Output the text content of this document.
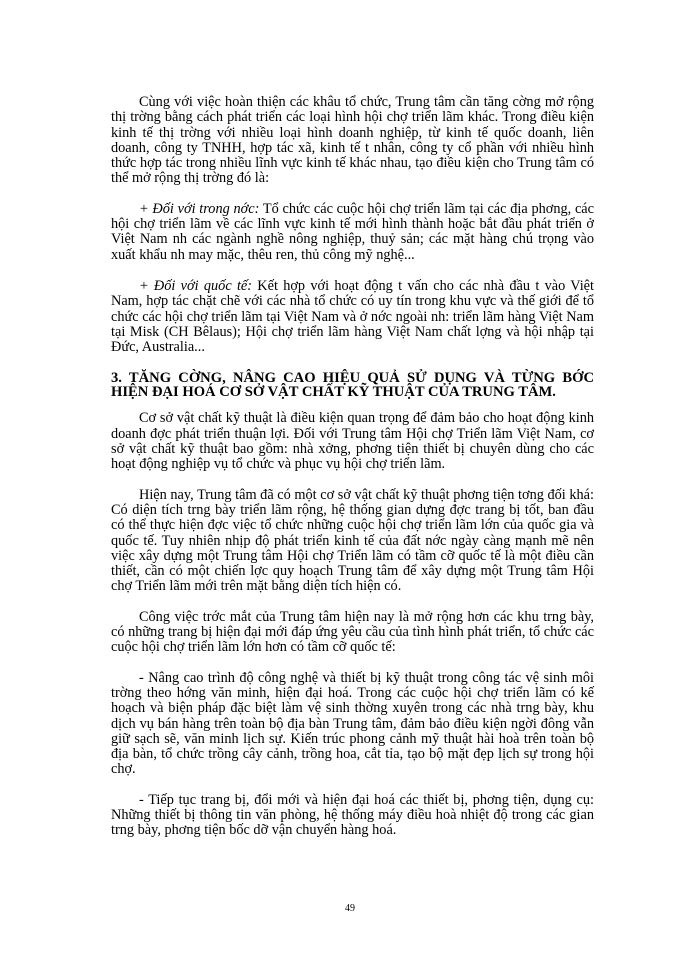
Cùng với việc hoàn thiện các khâu tổ chức, Trung tâm cần tăng cờng mở rộng thị trờng bằng cách phát triển các loại hình hội chợ triển lãm khác. Trong điều kiện kinh tế thị trờng với nhiều loại hình doanh nghiệp, từ kinh tế quốc doanh, liên doanh, công ty TNHH, hợp tác xã, kinh tế t nhân, công ty cổ phần với nhiều hình thức hợp tác trong nhiều lĩnh vực kinh tế khác nhau, tạo điều kiện cho Trung tâm có thể mở rộng thị trờng đó là:

+ Đối với trong nớc: Tổ chức các cuộc hội chợ triển lãm tại các địa phơng, các hội chợ triển lãm về các lĩnh vực kinh tế mới hình thành hoặc bắt đầu phát triển ở Việt Nam nh các ngành nghề nông nghiệp, thuỷ sản; các mặt hàng chú trọng vào xuất khẩu nh may mặc, thêu ren, thủ công mỹ nghệ...

+ Đối với quốc tế: Kết hợp với hoạt động t vấn cho các nhà đầu t vào Việt Nam, hợp tác chặt chẽ với các nhà tổ chức có uy tín trong khu vực và thế giới để tổ chức các hội chợ triển lãm tại Việt Nam và ở nớc ngoài nh: triển lãm hàng Việt Nam tại Misk (CH Bêlaus); Hội chợ triển lãm hàng Việt Nam chất lợng và hội nhập tại Đức, Australia...

3. TĂNG CỜNG, NÂNG CAO HIỆU QUẢ SỬ DỤNG VÀ TỪNG BỚC HIỆN ĐẠI HOÁ CƠ SỞ VẬT CHẤT KỸ THUẬT CỦA TRUNG TÂM.

Cơ sở vật chất kỹ thuật là điều kiện quan trọng để đảm bảo cho hoạt động kinh doanh đợc phát triển thuận lợi. Đối với Trung tâm Hội chợ Triển lãm Việt Nam, cơ sở vật chất kỹ thuật bao gồm: nhà xởng, phơng tiện thiết bị chuyên dùng cho các hoạt động nghiệp vụ tổ chức và phục vụ hội chợ triển lãm.

Hiện nay, Trung tâm đã có một cơ sở vật chất kỹ thuật phơng tiện tơng đối khá: Có diện tích trng bày triển lãm rộng, hệ thống gian dựng đợc trang bị tốt, ban đầu có thể thực hiện đợc việc tổ chức những cuộc hội chợ triển lãm lớn của quốc gia và quốc tế. Tuy nhiên nhịp độ phát triển kinh tế của đất nớc ngày càng mạnh mẽ nên việc xây dựng một Trung tâm Hội chợ Triển lãm có tầm cỡ quốc tế là một điều cần thiết, cần có một chiến lợc quy hoạch Trung tâm để xây dựng một Trung tâm Hội chợ Triển lãm mới trên mặt bằng diện tích hiện có.

Công việc trớc mắt của Trung tâm hiện nay là mở rộng hơn các khu trng bày, có những trang bị hiện đại mới đáp ứng yêu cầu của tình hình phát triển, tổ chức các cuộc hội chợ triển lãm lớn hơn có tầm cỡ quốc tế:

- Nâng cao trình độ công nghệ và thiết bị kỹ thuật trong công tác vệ sinh môi trờng theo hớng văn minh, hiện đại hoá. Trong các cuộc hội chợ triển lãm có kế hoạch và biện pháp đặc biệt làm vệ sinh thờng xuyên trong các nhà trng bày, khu dịch vụ bán hàng trên toàn bộ địa bàn Trung tâm, đảm bảo điều kiện ngời đông vẫn giữ sạch sẽ, văn minh lịch sự. Kiến trúc phong cảnh mỹ thuật hài hoà trên toàn bộ địa bàn, tổ chức trồng cây cảnh, trồng hoa, cắt tỉa, tạo bộ mặt đẹp lịch sự trong hội chợ.

- Tiếp tục trang bị, đổi mới và hiện đại hoá các thiết bị, phơng tiện, dụng cụ: Những thiết bị thông tin văn phòng, hệ thống máy điều hoà nhiệt độ trong các gian trng bày, phơng tiện bốc dỡ vận chuyển hàng hoá.

49
